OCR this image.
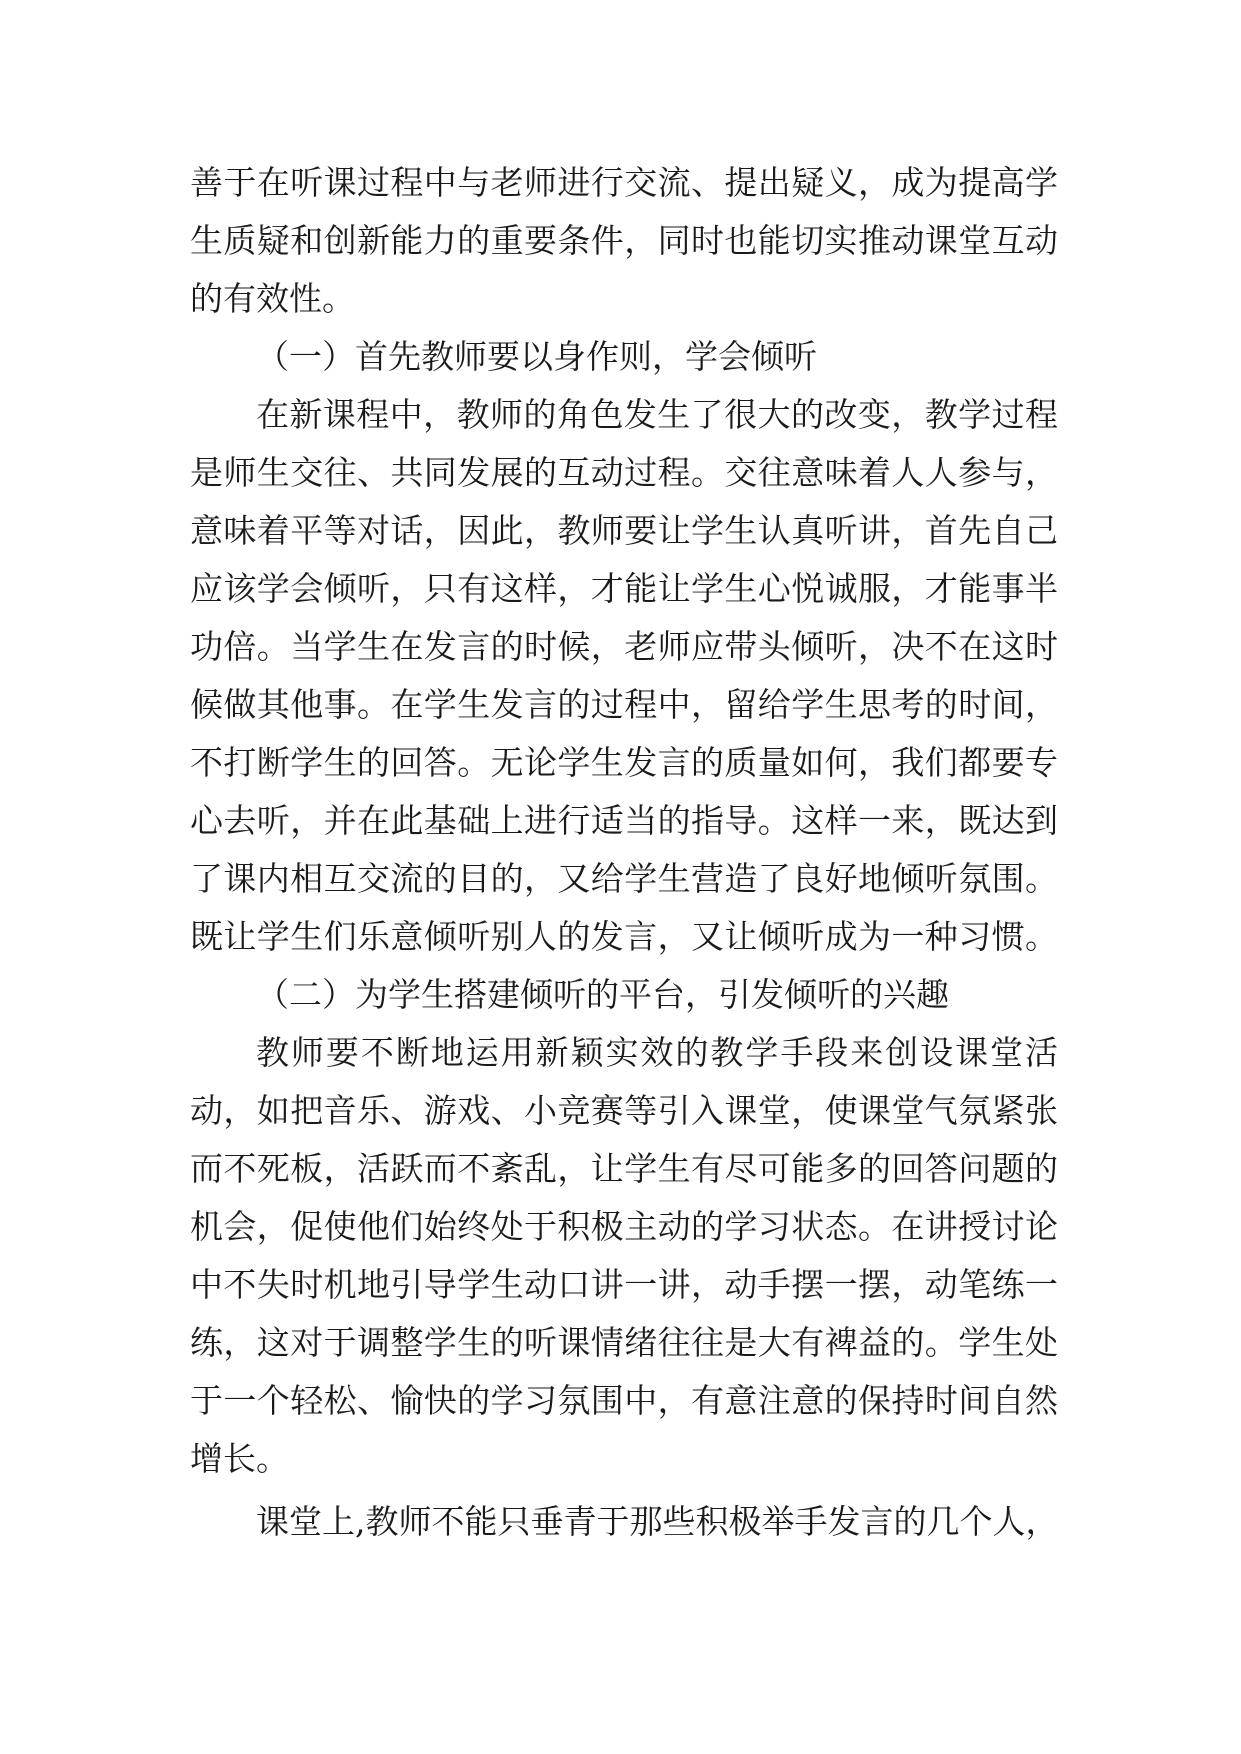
善于在听课过程中与老师进行交流、提出疑义，成为提高学
生质疑和创新能力的重要条件，同时也能切实推动课堂互动
的有效性。
（一）首先教师要以身作则，学会倾听
在新课程中，教师的角色发生了很大的改变，教学过程
是师生交往、共同发展的互动过程。交往意味着人人参与，
意味着平等对话，因此，教师要让学生认真听讲，首先自己
应该学会倾听，只有这样，才能让学生心悦诚服，才能事半
功倍。当学生在发言的时候，老师应带头倾听，决不在这时
候做其他事。在学生发言的过程中，留给学生思考的时间，
不打断学生的回答。无论学生发言的质量如何，我们都要专
心去听，并在此基础上进行适当的指导。这样一来，既达到
了课内相互交流的目的，又给学生营造了良好地倾听氛围。
既让学生们乐意倾听别人的发言，又让倾听成为一种习惯。
（二）为学生搭建倾听的平台，引发倾听的兴趣
教师要不断地运用新颖实效的教学手段来创设课堂活
动，如把音乐、游戏、小竞赛等引入课堂，使课堂气氛紧张
而不死板，活跃而不紊乱，让学生有尽可能多的回答问题的
机会，促使他们始终处于积极主动的学习状态。在讲授讨论
中不失时机地引导学生动口讲一讲，动手摆一摆，动笔练一
练，这对于调整学生的听课情绪往往是大有裨益的。学生处
于一个轻松、愉快的学习氛围中，有意注意的保持时间自然
增长。
课堂上,教师不能只垂青于那些积极举手发言的几个人，
